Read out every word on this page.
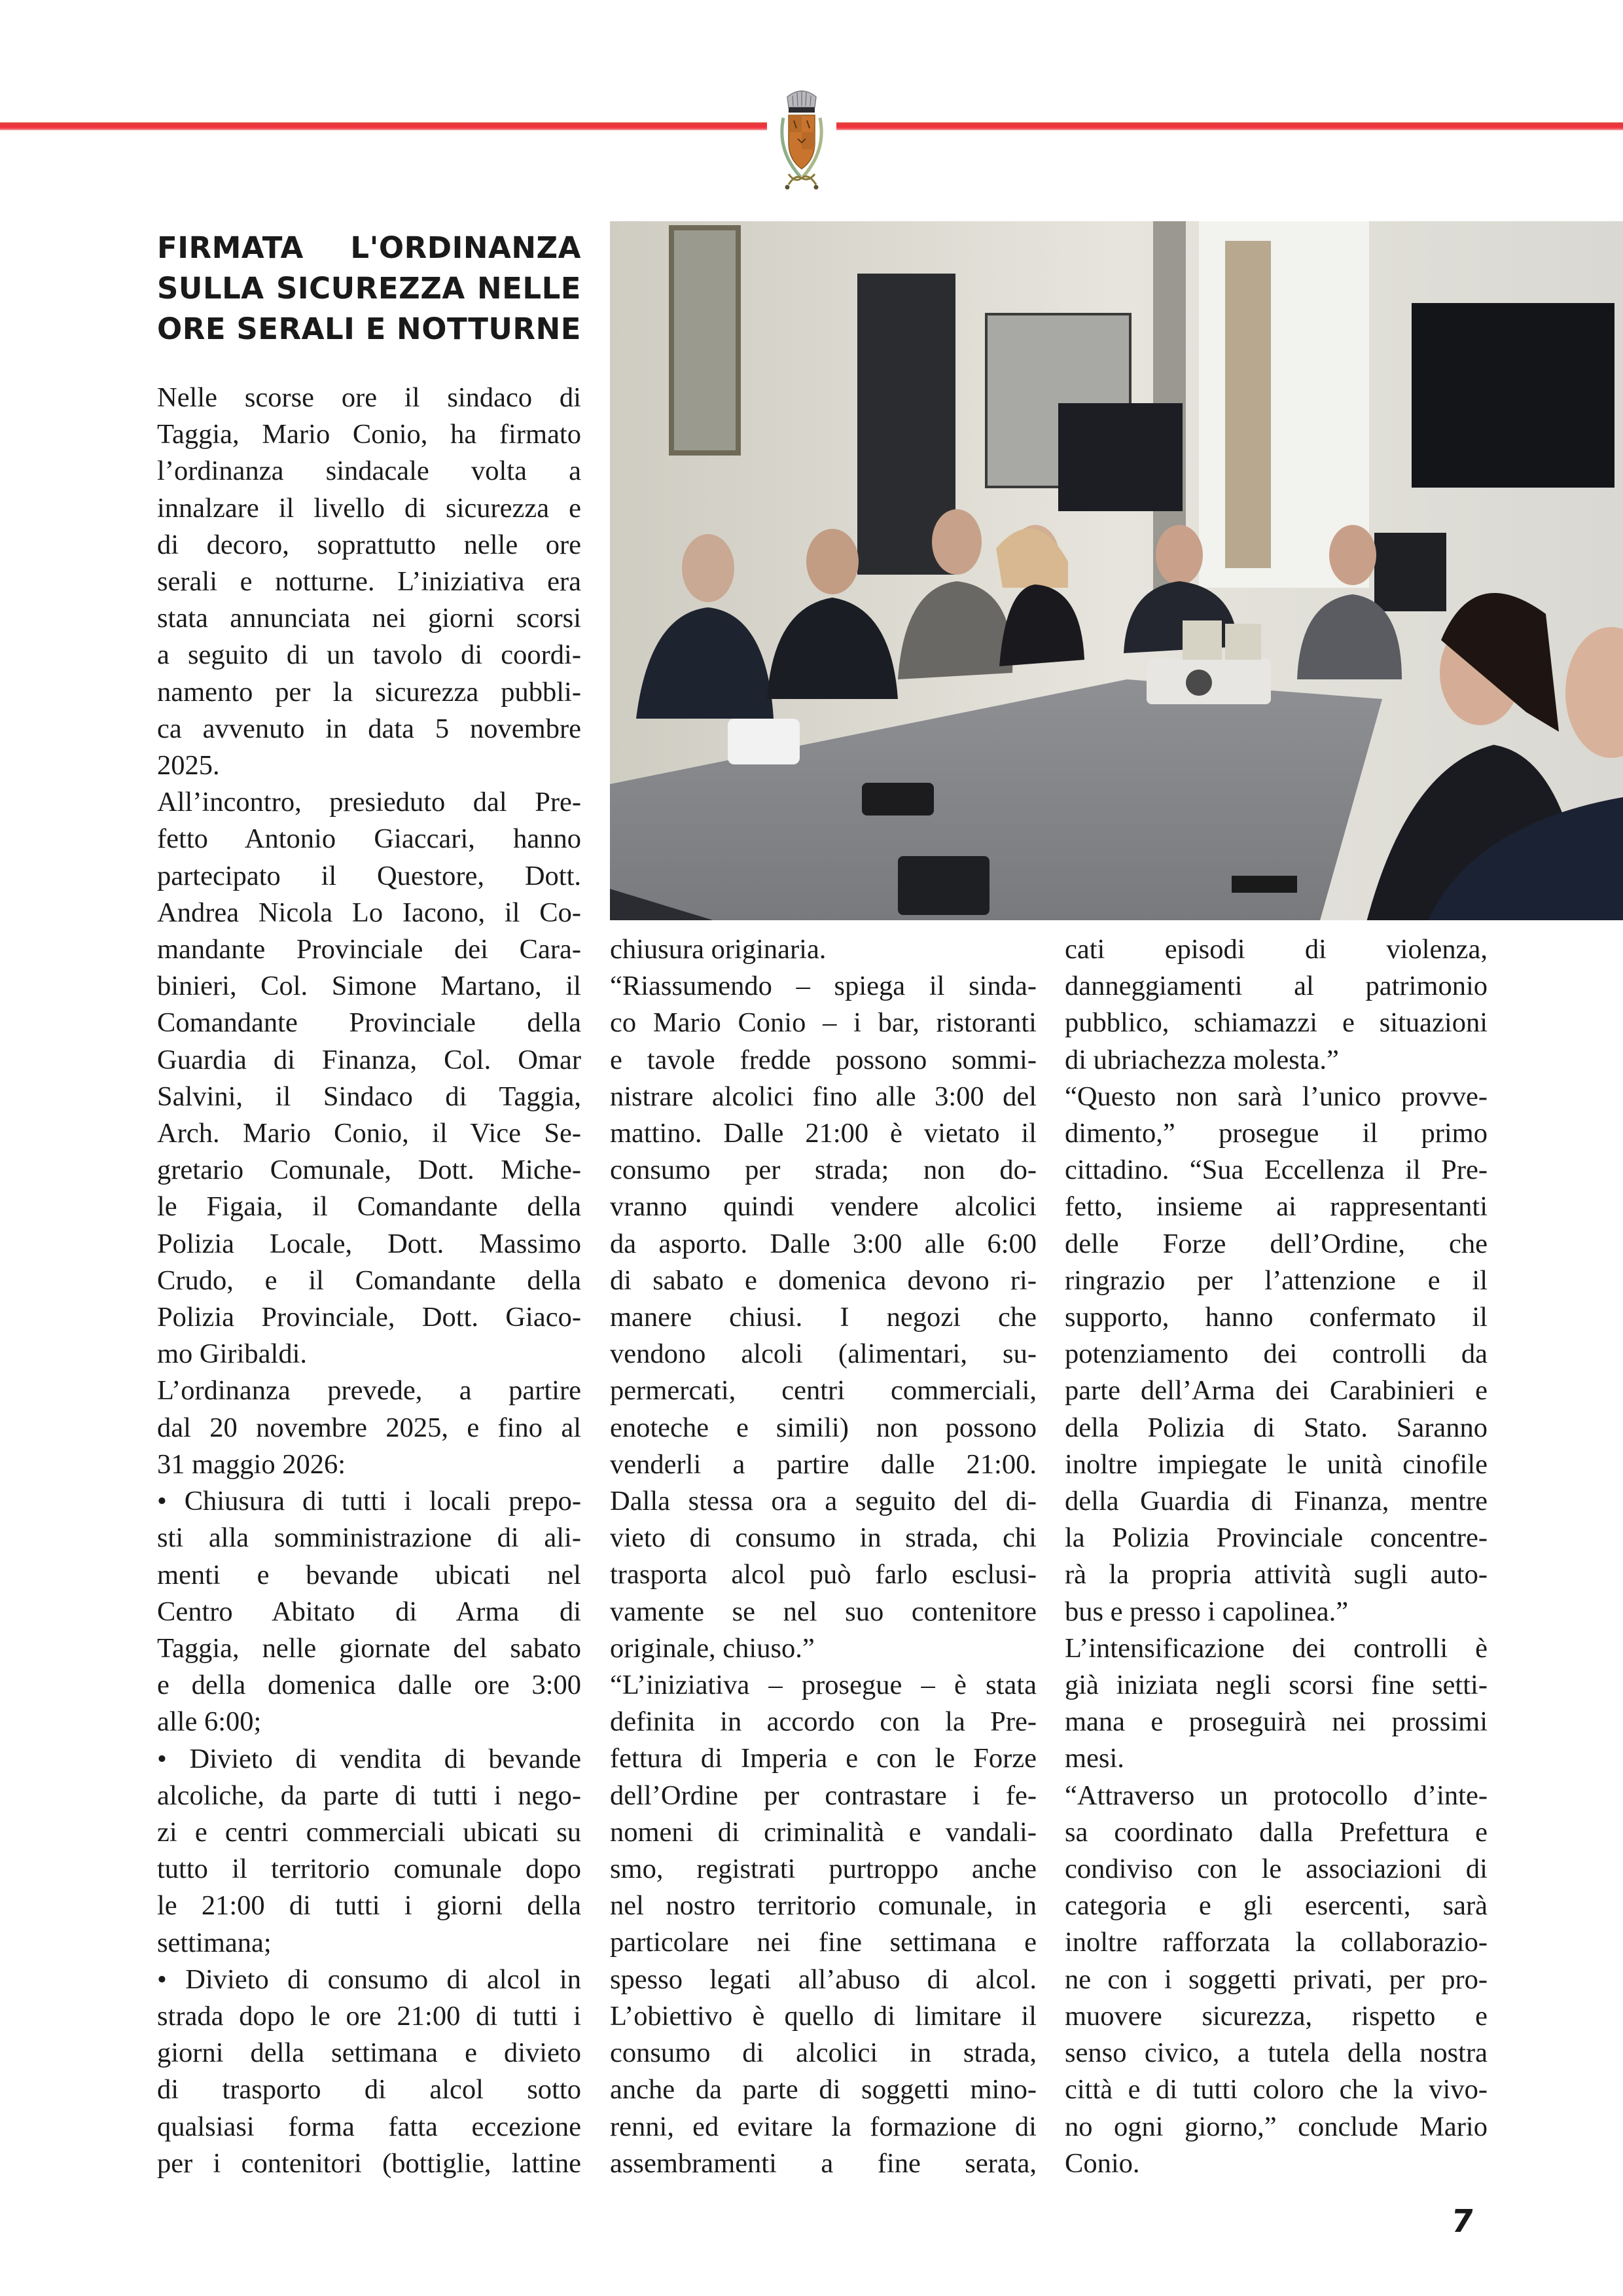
FIRMATA L'ORDINANZA
SULLA SICUREZZA NELLE
ORE SERALI E NOTTURNE
Nelle scorse ore il sindaco di
Taggia, Mario Conio, ha firmato
l’ordinanza sindacale volta a
innalzare il livello di sicurezza e
di decoro, soprattutto nelle ore
serali e notturne. L’iniziativa era
stata annunciata nei giorni scorsi
a seguito di un tavolo di coordi-
namento per la sicurezza pubbli-
ca avvenuto in data 5 novembre
2025.
All’incontro, presieduto dal Pre-
fetto Antonio Giaccari, hanno
partecipato il Questore, Dott.
Andrea Nicola Lo Iacono, il Co-
mandante Provinciale dei Cara-
binieri, Col. Simone Martano, il
Comandante Provinciale della
Guardia di Finanza, Col. Omar
Salvini, il Sindaco di Taggia,
Arch. Mario Conio, il Vice Se-
gretario Comunale, Dott. Miche-
le Figaia, il Comandante della
Polizia Locale, Dott. Massimo
Crudo, e il Comandante della
Polizia Provinciale, Dott. Giaco-
mo Giribaldi.
L’ordinanza prevede, a partire
dal 20 novembre 2025, e fino al
31 maggio 2026:
• Chiusura di tutti i locali prepo-
sti alla somministrazione di ali-
menti e bevande ubicati nel
Centro Abitato di Arma di
Taggia, nelle giornate del sabato
e della domenica dalle ore 3:00
alle 6:00;
• Divieto di vendita di bevande
alcoliche, da parte di tutti i nego-
zi e centri commerciali ubicati su
tutto il territorio comunale dopo
le 21:00 di tutti i giorni della
settimana;
• Divieto di consumo di alcol in
strada dopo le ore 21:00 di tutti i
giorni della settimana e divieto
di trasporto di alcol sotto
qualsiasi forma fatta eccezione
per i contenitori (bottiglie, lattine
chiusura originaria.
“Riassumendo – spiega il sinda-
co Mario Conio – i bar, ristoranti
e tavole fredde possono sommi-
nistrare alcolici fino alle 3:00 del
mattino. Dalle 21:00 è vietato il
consumo per strada; non do-
vranno quindi vendere alcolici
da asporto. Dalle 3:00 alle 6:00
di sabato e domenica devono ri-
manere chiusi. I negozi che
vendono alcoli (alimentari, su-
permercati, centri commerciali,
enoteche e simili) non possono
venderli a partire dalle 21:00.
Dalla stessa ora a seguito del di-
vieto di consumo in strada, chi
trasporta alcol può farlo esclusi-
vamente se nel suo contenitore
originale, chiuso.”
“L’iniziativa – prosegue – è stata
definita in accordo con la Pre-
fettura di Imperia e con le Forze
dell’Ordine per contrastare i fe-
nomeni di criminalità e vandali-
smo, registrati purtroppo anche
nel nostro territorio comunale, in
particolare nei fine settimana e
spesso legati all’abuso di alcol.
L’obiettivo è quello di limitare il
consumo di alcolici in strada,
anche da parte di soggetti mino-
renni, ed evitare la formazione di
assembramenti a fine serata,
cati episodi di violenza,
danneggiamenti al patrimonio
pubblico, schiamazzi e situazioni
di ubriachezza molesta.”
“Questo non sarà l’unico provve-
dimento,” prosegue il primo
cittadino. “Sua Eccellenza il Pre-
fetto, insieme ai rappresentanti
delle Forze dell’Ordine, che
ringrazio per l’attenzione e il
supporto, hanno confermato il
potenziamento dei controlli da
parte dell’Arma dei Carabinieri e
della Polizia di Stato. Saranno
inoltre impiegate le unità cinofile
della Guardia di Finanza, mentre
la Polizia Provinciale concentre-
rà la propria attività sugli auto-
bus e presso i capolinea.”
L’intensificazione dei controlli è
già iniziata negli scorsi fine setti-
mana e proseguirà nei prossimi
mesi.
“Attraverso un protocollo d’inte-
sa coordinato dalla Prefettura e
condiviso con le associazioni di
categoria e gli esercenti, sarà
inoltre rafforzata la collaborazio-
ne con i soggetti privati, per pro-
muovere sicurezza, rispetto e
senso civico, a tutela della nostra
città e di tutti coloro che la vivo-
no ogni giorno,” conclude Mario
Conio.
7
